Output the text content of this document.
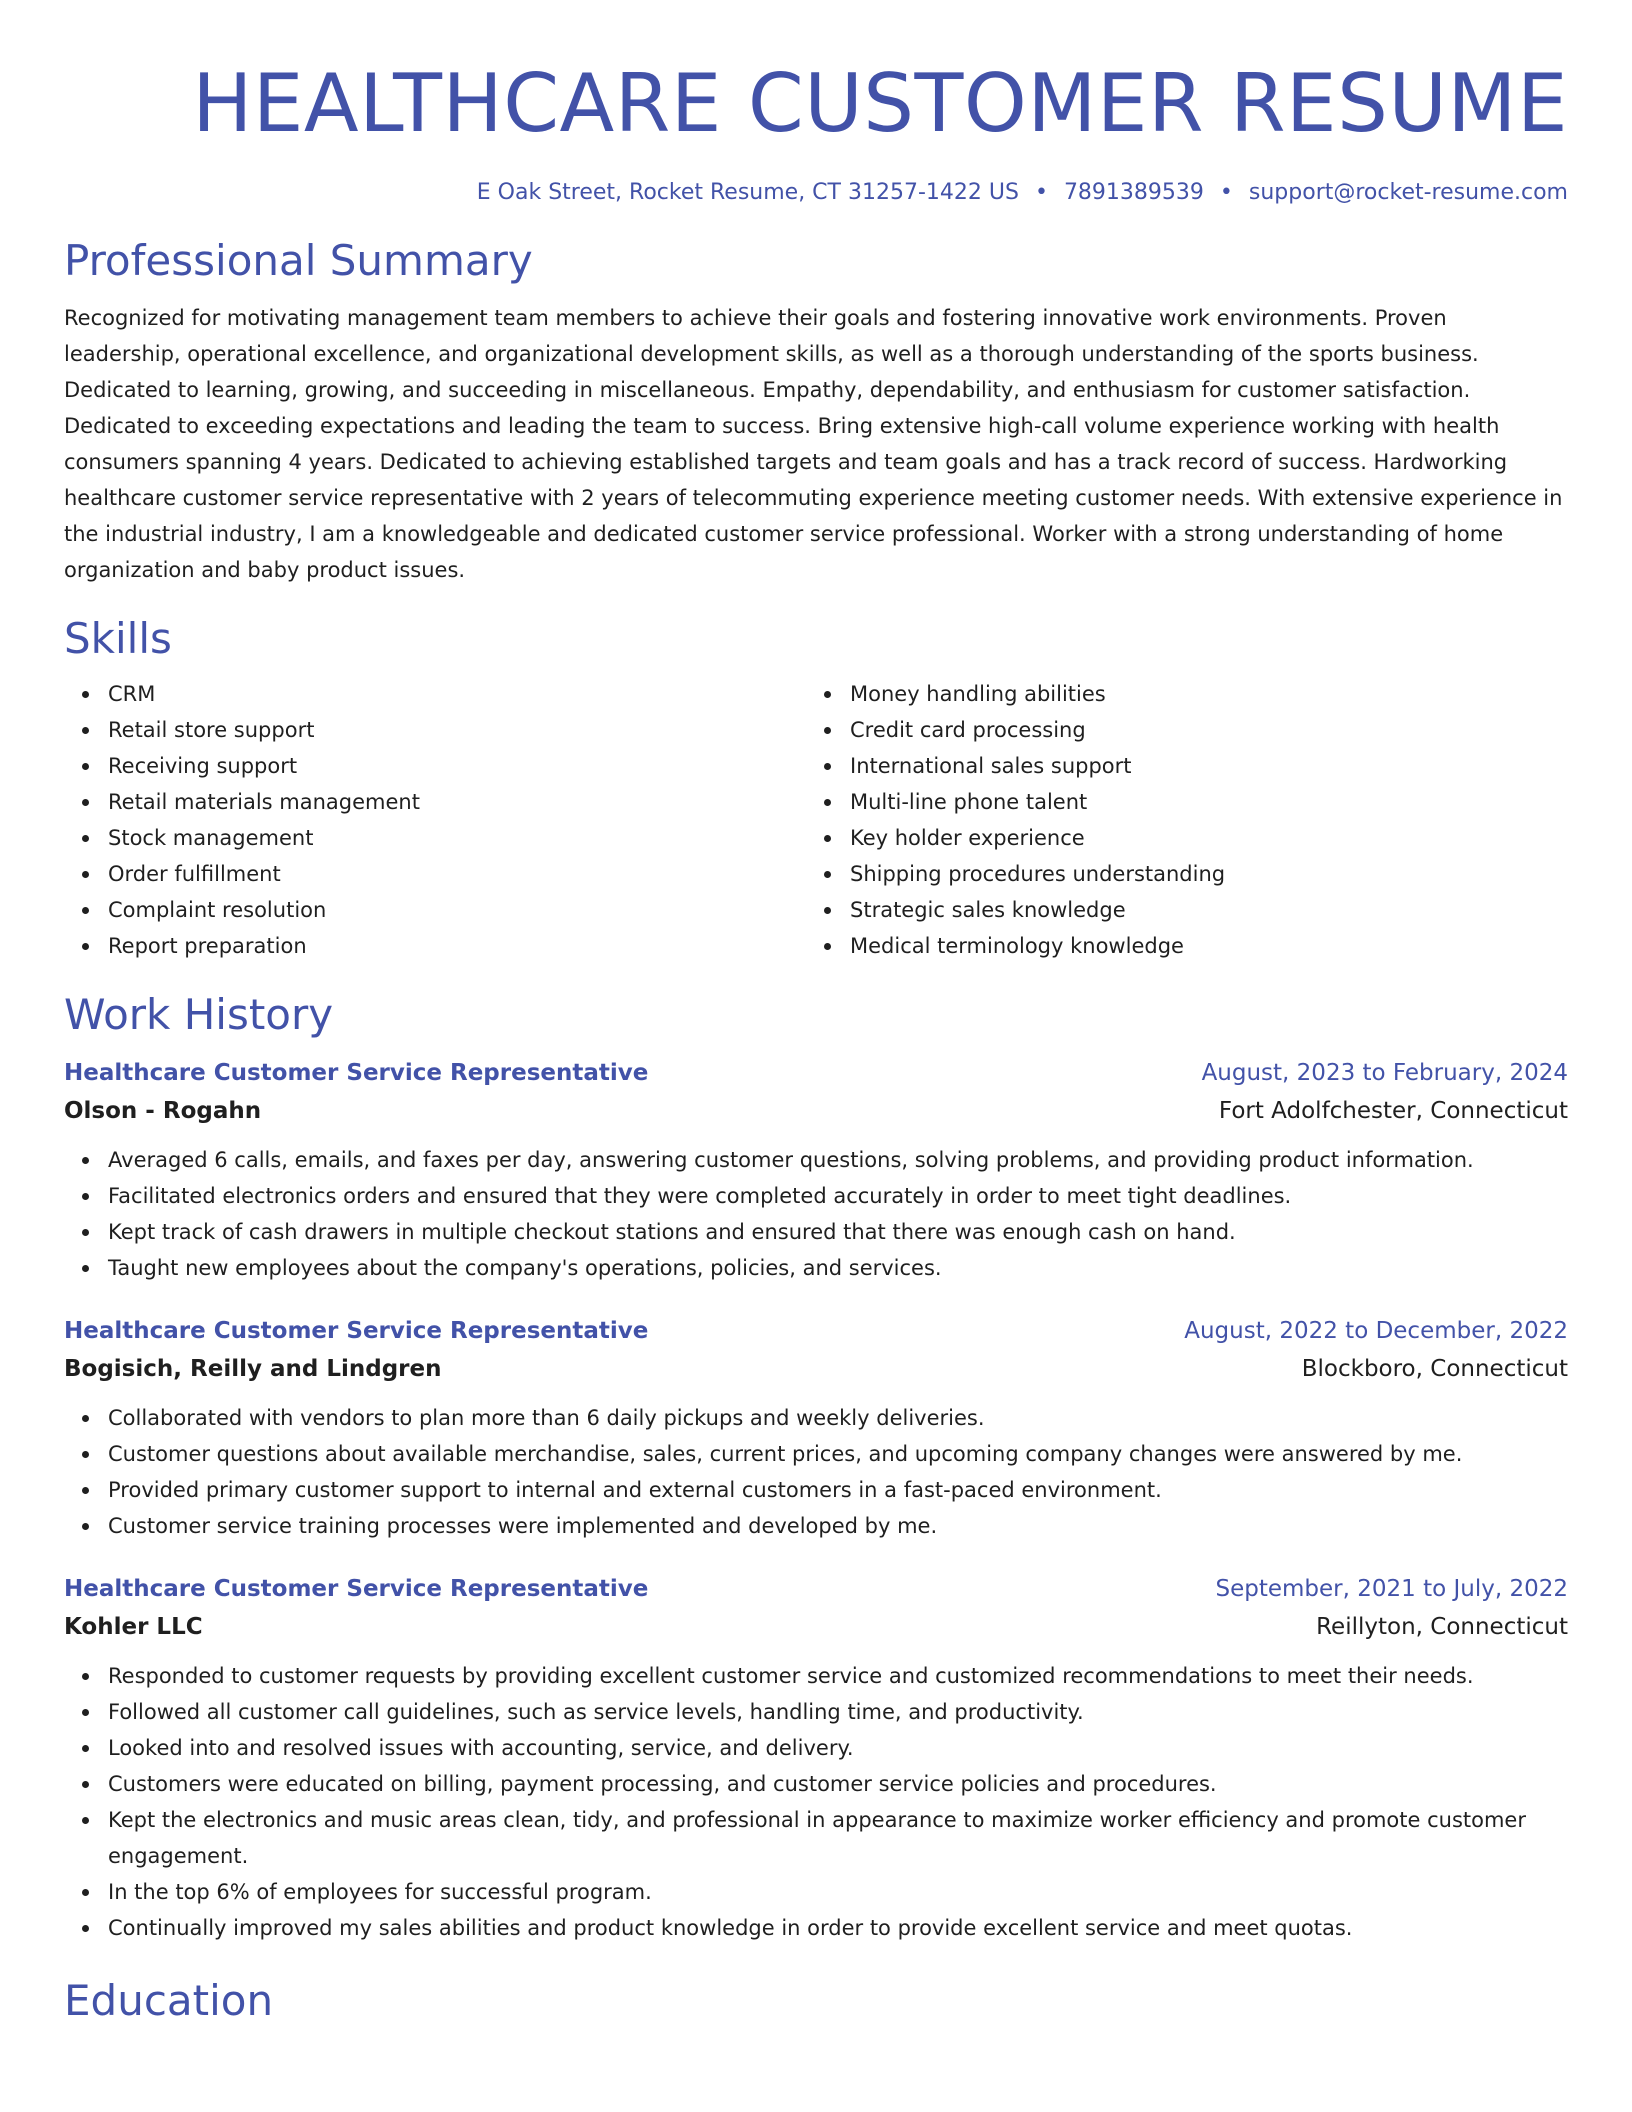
HEALTHCARE CUSTOMER RESUME
E Oak Street, Rocket Resume, CT 31257-1422 US • 7891389539 • support@rocket-resume.com
Professional Summary
Recognized for motivating management team members to achieve their goals and fostering innovative work environments. Proven leadership, operational excellence, and organizational development skills, as well as a thorough understanding of the sports business. Dedicated to learning, growing, and succeeding in miscellaneous. Empathy, dependability, and enthusiasm for customer satisfaction. Dedicated to exceeding expectations and leading the team to success. Bring extensive high-call volume experience working with health consumers spanning 4 years. Dedicated to achieving established targets and team goals and has a track record of success. Hardworking healthcare customer service representative with 2 years of telecommuting experience meeting customer needs. With extensive experience in the industrial industry, I am a knowledgeable and dedicated customer service professional. Worker with a strong understanding of home organization and baby product issues.
Skills
CRM
Retail store support
Receiving support
Retail materials management
Stock management
Order fulfillment
Complaint resolution
Report preparation
Money handling abilities
Credit card processing
International sales support
Multi-line phone talent
Key holder experience
Shipping procedures understanding
Strategic sales knowledge
Medical terminology knowledge
Work History
Healthcare Customer Service Representative	August, 2023 to February, 2024
Olson - Rogahn	Fort Adolfchester, Connecticut
Averaged 6 calls, emails, and faxes per day, answering customer questions, solving problems, and providing product information.
Facilitated electronics orders and ensured that they were completed accurately in order to meet tight deadlines.
Kept track of cash drawers in multiple checkout stations and ensured that there was enough cash on hand.
Taught new employees about the company's operations, policies, and services.
Healthcare Customer Service Representative	August, 2022 to December, 2022
Bogisich, Reilly and Lindgren	Blockboro, Connecticut
Collaborated with vendors to plan more than 6 daily pickups and weekly deliveries.
Customer questions about available merchandise, sales, current prices, and upcoming company changes were answered by me.
Provided primary customer support to internal and external customers in a fast-paced environment.
Customer service training processes were implemented and developed by me.
Healthcare Customer Service Representative	September, 2021 to July, 2022
Kohler LLC	Reillyton, Connecticut
Responded to customer requests by providing excellent customer service and customized recommendations to meet their needs.
Followed all customer call guidelines, such as service levels, handling time, and productivity.
Looked into and resolved issues with accounting, service, and delivery.
Customers were educated on billing, payment processing, and customer service policies and procedures.
Kept the electronics and music areas clean, tidy, and professional in appearance to maximize worker efficiency and promote customer engagement.
In the top 6% of employees for successful program.
Continually improved my sales abilities and product knowledge in order to provide excellent service and meet quotas.
Education
